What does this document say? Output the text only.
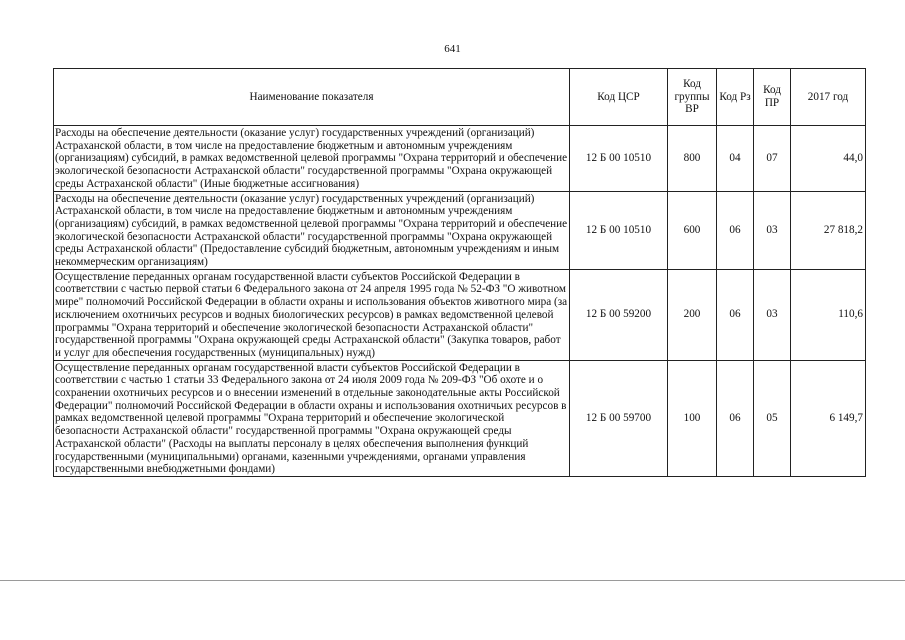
641
Наименование показателя	Код ЦСР	Код группы ВР	Код Рз	Код ПР	2017 год
Расходы на обеспечение деятельности (оказание услуг) государственных учреждений (организаций) Астраханской области, в том числе на предоставление бюджетным и автономным учреждениям (организациям) субсидий, в рамках ведомственной целевой программы "Охрана территорий и обеспечение экологической безопасности Астраханской области" государственной программы "Охрана окружающей среды Астраханской области" (Иные бюджетные ассигнования)	12 Б 00 10510	800	04	07	44,0
Расходы на обеспечение деятельности (оказание услуг) государственных учреждений (организаций) Астраханской области, в том числе на предоставление бюджетным и автономным учреждениям (организациям) субсидий, в рамках ведомственной целевой программы "Охрана территорий и обеспечение экологической безопасности Астраханской области" государственной программы "Охрана окружающей среды Астраханской области" (Предоставление субсидий бюджетным, автономным учреждениям и иным некоммерческим организациям)	12 Б 00 10510	600	06	03	27 818,2
Осуществление переданных органам государственной власти субъектов Российской Федерации в соответствии с частью первой статьи 6 Федерального закона от 24 апреля 1995 года № 52-ФЗ "О животном мире" полномочий Российской Федерации в области охраны и использования объектов животного мира (за исключением охотничьих ресурсов и водных биологических ресурсов) в рамках ведомственной целевой программы "Охрана территорий и обеспечение экологической безопасности Астраханской области" государственной программы "Охрана окружающей среды Астраханской области" (Закупка товаров, работ и услуг для обеспечения государственных (муниципальных) нужд)	12 Б 00 59200	200	06	03	110,6
Осуществление переданных органам государственной власти субъектов Российской Федерации в соответствии с частью 1 статьи 33 Федерального закона от 24 июля 2009 года № 209-ФЗ "Об охоте и о сохранении охотничьих ресурсов и о внесении изменений в отдельные законодательные акты Российской Федерации" полномочий Российской Федерации в области охраны и использования охотничьих ресурсов в рамках ведомственной целевой программы "Охрана территорий и обеспечение экологической безопасности Астраханской области" государственной программы "Охрана окружающей среды Астраханской области" (Расходы на выплаты персоналу в целях обеспечения выполнения функций государственными (муниципальными) органами, казенными учреждениями, органами управления государственными внебюджетными фондами)	12 Б 00 59700	100	06	05	6 149,7
